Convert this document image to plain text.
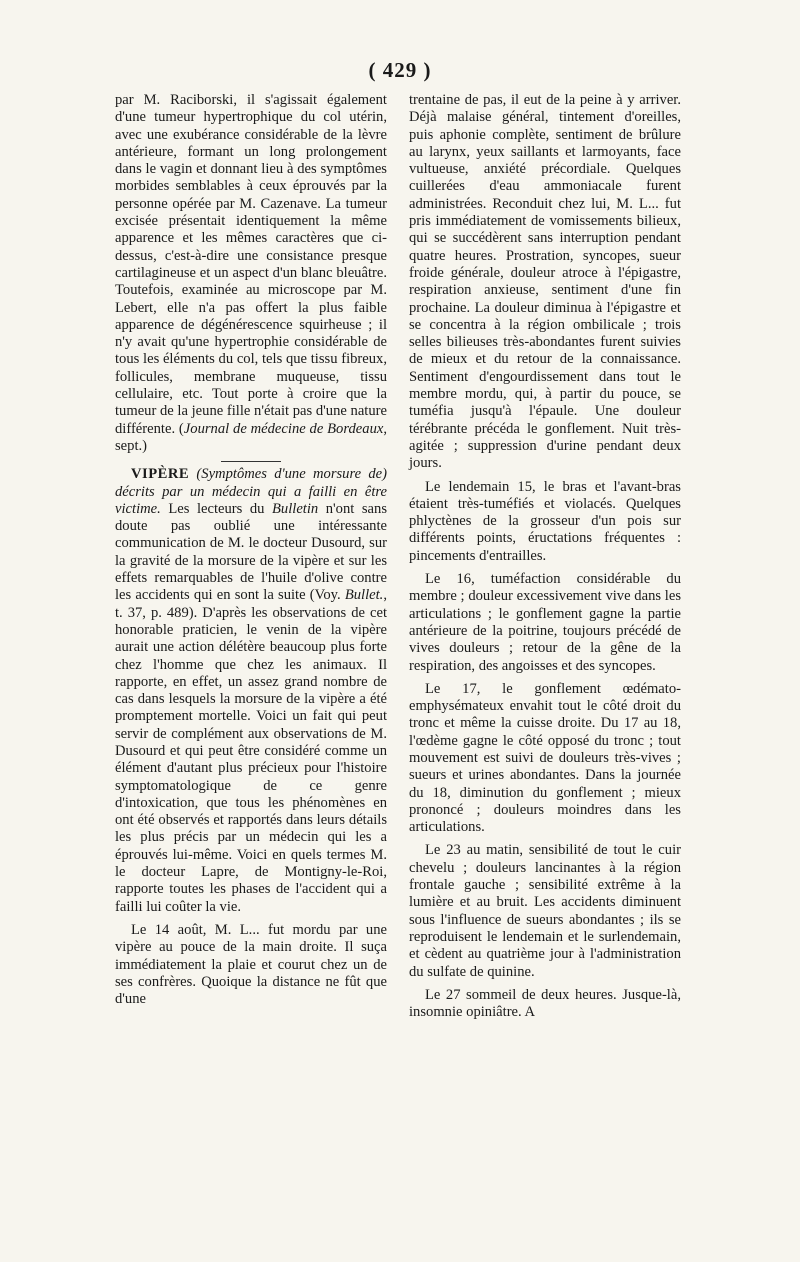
( 429 )

par M. Raciborski, il s'agissait également d'une tumeur hypertrophique du col utérin, avec une exubérance considérable de la lèvre antérieure, formant un long prolongement dans le vagin et donnant lieu à des symptômes morbides semblables à ceux éprouvés par la personne opérée par M. Cazenave. La tumeur excisée présentait identiquement la même apparence et les mêmes caractères que ci-dessus, c'est-à-dire une consistance presque cartilagineuse et un aspect d'un blanc bleuâtre. Toutefois, examinée au microscope par M. Lebert, elle n'a pas offert la plus faible apparence de dégénérescence squirheuse ; il n'y avait qu'une hypertrophie considérable de tous les éléments du col, tels que tissu fibreux, follicules, membrane muqueuse, tissu cellulaire, etc. Tout porte à croire que la tumeur de la jeune fille n'était pas d'une nature différente. (Journal de médecine de Bordeaux, sept.)

VIPÈRE (Symptômes d'une morsure de) décrits par un médecin qui a failli en être victime. Les lecteurs du Bulletin n'ont sans doute pas oublié une intéressante communication de M. le docteur Dusourd, sur la gravité de la morsure de la vipère et sur les effets remarquables de l'huile d'olive contre les accidents qui en sont la suite (Voy. Bullet., t. 37, p. 489). D'après les observations de cet honorable praticien, le venin de la vipère aurait une action délétère beaucoup plus forte chez l'homme que chez les animaux. Il rapporte, en effet, un assez grand nombre de cas dans lesquels la morsure de la vipère a été promptement mortelle. Voici un fait qui peut servir de complément aux observations de M. Dusourd et qui peut être considéré comme un élément d'autant plus précieux pour l'histoire symptomatologique de ce genre d'intoxication, que tous les phénomènes en ont été observés et rapportés dans leurs détails les plus précis par un médecin qui les a éprouvés lui-même. Voici en quels termes M. le docteur Lapre, de Montigny-le-Roi, rapporte toutes les phases de l'accident qui a failli lui coûter la vie.

Le 14 août, M. L... fut mordu par une vipère au pouce de la main droite. Il suça immédiatement la plaie et courut chez un de ses confrères. Quoique la distance ne fût que d'une

trentaine de pas, il eut de la peine à y arriver. Déjà malaise général, tintement d'oreilles, puis aphonie complète, sentiment de brûlure au larynx, yeux saillants et larmoyants, face vultueuse, anxiété précordiale. Quelques cuillerées d'eau ammoniacale furent administrées. Reconduit chez lui, M. L... fut pris immédiatement de vomissements bilieux, qui se succédèrent sans interruption pendant quatre heures. Prostration, syncopes, sueur froide générale, douleur atroce à l'épigastre, respiration anxieuse, sentiment d'une fin prochaine. La douleur diminua à l'épigastre et se concentra à la région ombilicale ; trois selles bilieuses très-abondantes furent suivies de mieux et du retour de la connaissance. Sentiment d'engourdissement dans tout le membre mordu, qui, à partir du pouce, se tuméfia jusqu'à l'épaule. Une douleur térébrante précéda le gonflement. Nuit très-agitée ; suppression d'urine pendant deux jours.

Le lendemain 15, le bras et l'avant-bras étaient très-tuméfiés et violacés. Quelques phlyctènes de la grosseur d'un pois sur différents points, éructations fréquentes : pincements d'entrailles.

Le 16, tuméfaction considérable du membre ; douleur excessivement vive dans les articulations ; le gonflement gagne la partie antérieure de la poitrine, toujours précédé de vives douleurs ; retour de la gêne de la respiration, des angoisses et des syncopes.

Le 17, le gonflement œdémato-emphysémateux envahit tout le côté droit du tronc et même la cuisse droite. Du 17 au 18, l'œdème gagne le côté opposé du tronc ; tout mouvement est suivi de douleurs très-vives ; sueurs et urines abondantes. Dans la journée du 18, diminution du gonflement ; mieux prononcé ; douleurs moindres dans les articulations.

Le 23 au matin, sensibilité de tout le cuir chevelu ; douleurs lancinantes à la région frontale gauche ; sensibilité extrême à la lumière et au bruit. Les accidents diminuent sous l'influence de sueurs abondantes ; ils se reproduisent le lendemain et le surlendemain, et cèdent au quatrième jour à l'administration du sulfate de quinine.

Le 27 sommeil de deux heures. Jusque-là, insomnie opiniâtre. A
